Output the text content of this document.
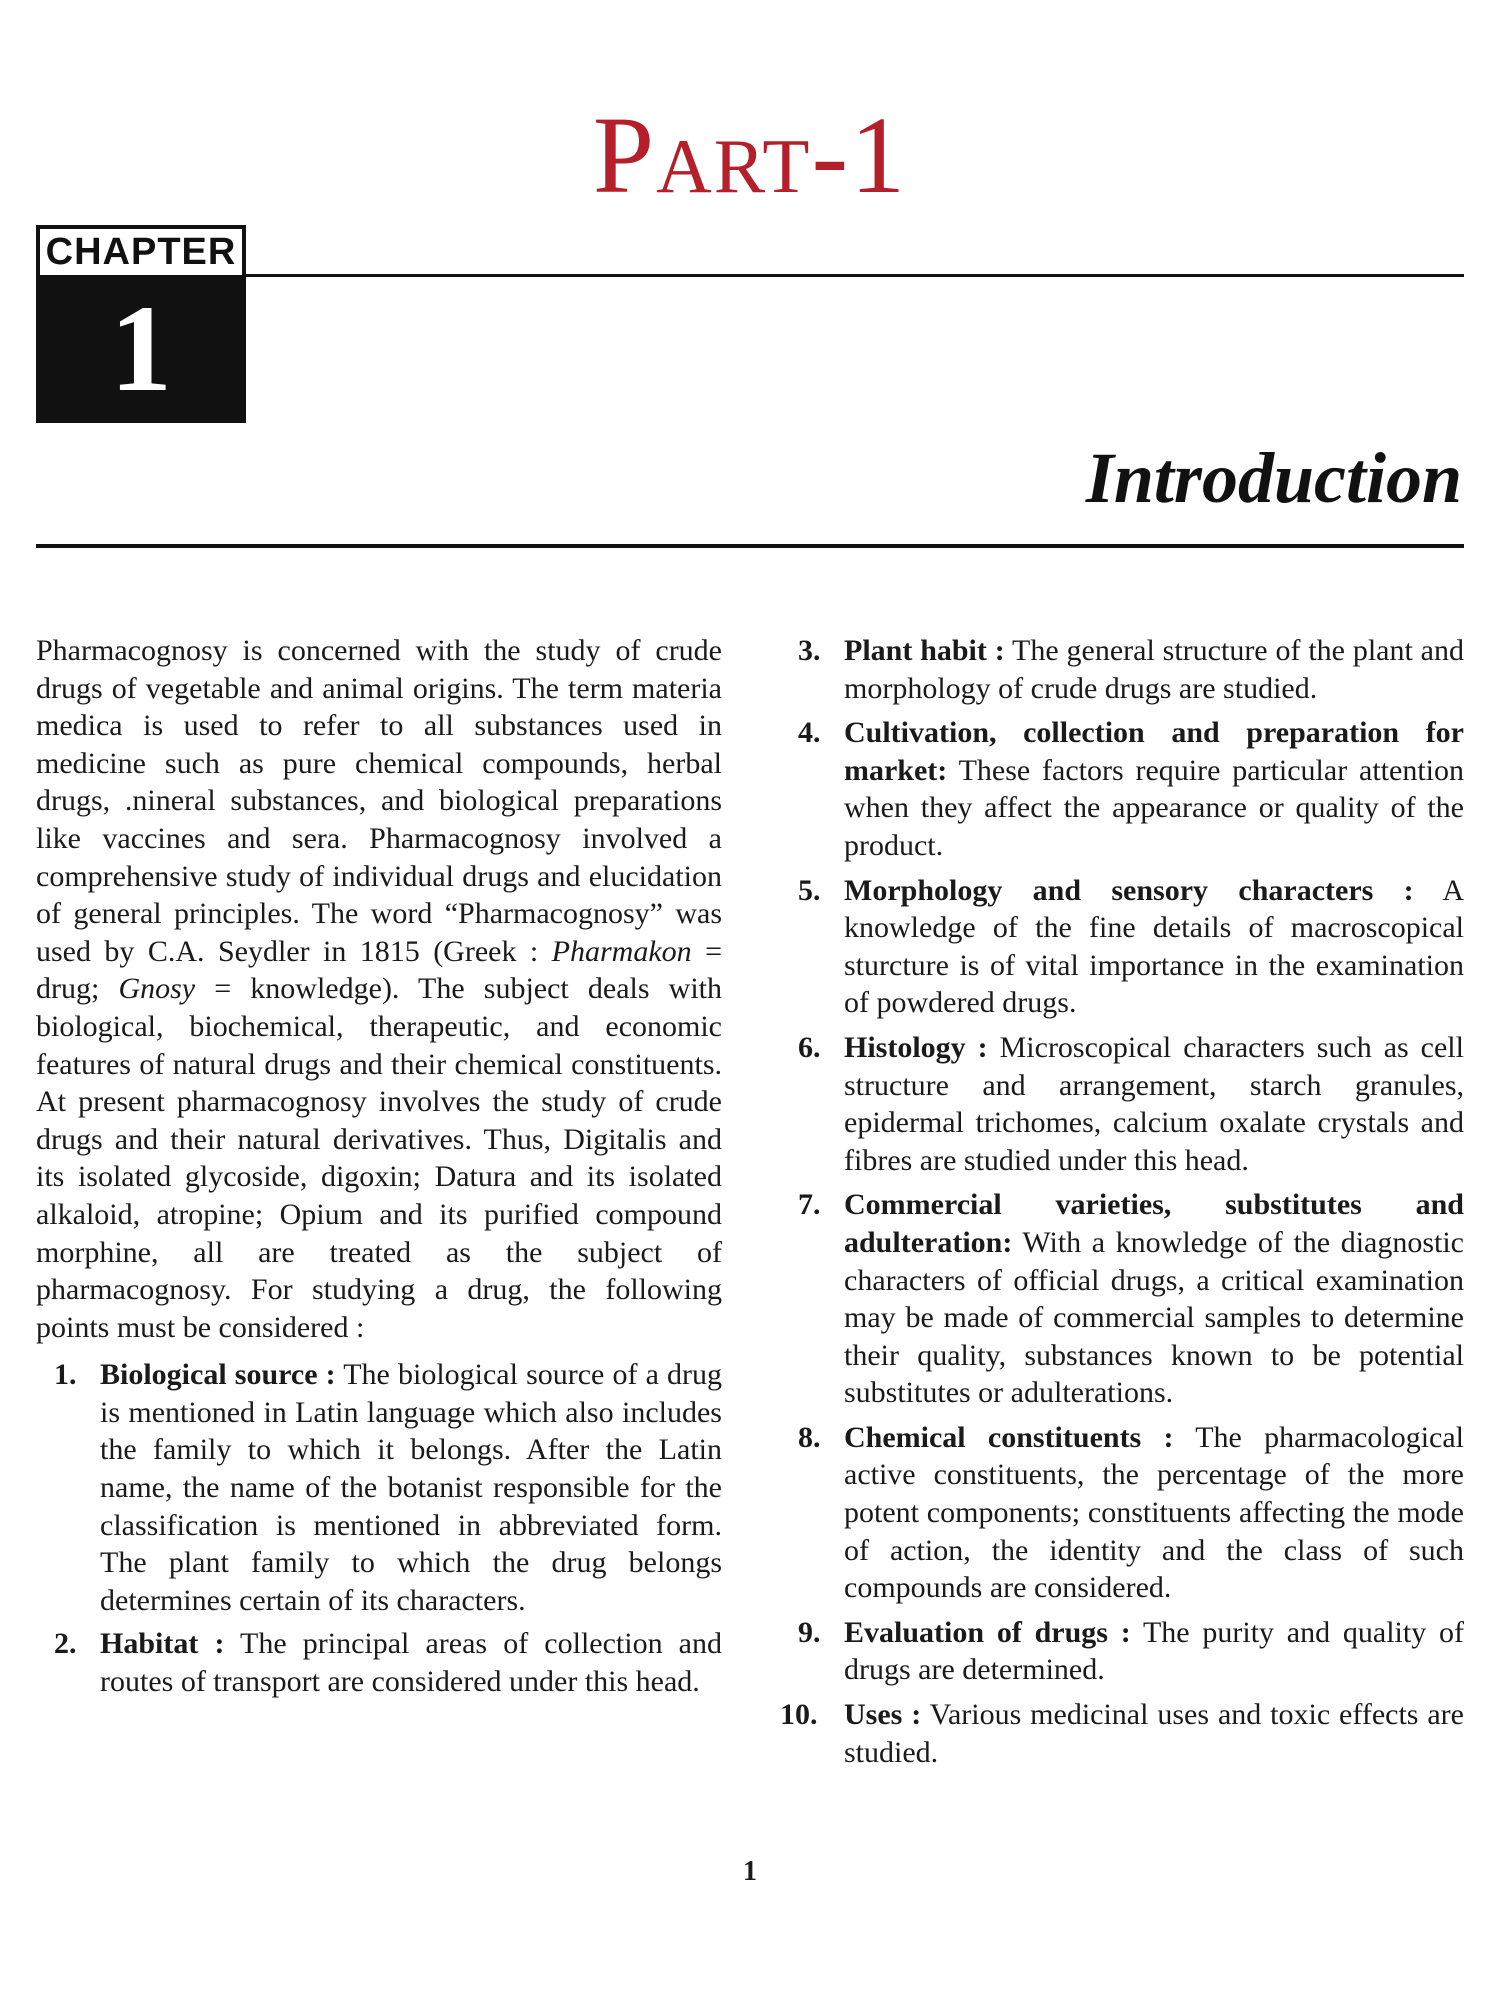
Part-1
CHAPTER
1
Introduction

Pharmacognosy is concerned with the study of crude drugs of vegetable and animal origins. The term materia medica is used to refer to all substances used in medicine such as pure chemical compounds, herbal drugs, .nineral substances, and biological preparations like vaccines and sera. Pharmacognosy involved a comprehensive study of individual drugs and elucidation of general principles. The word “Pharmacognosy” was used by C.A. Seydler in 1815 (Greek : Pharmakon = drug; Gnosy = knowledge). The subject deals with biological, biochemical, therapeutic, and economic features of natural drugs and their chemical constituents. At present pharmacognosy involves the study of crude drugs and their natural derivatives. Thus, Digitalis and its isolated glycoside, digoxin; Datura and its isolated alkaloid, atropine; Opium and its purified compound morphine, all are treated as the subject of pharmacognosy. For studying a drug, the following points must be considered :

1. Biological source : The biological source of a drug is mentioned in Latin language which also includes the family to which it belongs. After the Latin name, the name of the botanist responsible for the classification is mentioned in abbreviated form. The plant family to which the drug belongs determines certain of its characters.
2. Habitat : The principal areas of collection and routes of transport are considered under this head.
3. Plant habit : The general structure of the plant and morphology of crude drugs are studied.
4. Cultivation, collection and preparation for market: These factors require particular attention when they affect the appearance or quality of the product.
5. Morphology and sensory characters : A knowledge of the fine details of macroscopical sturcture is of vital importance in the examination of powdered drugs.
6. Histology : Microscopical characters such as cell structure and arrangement, starch granules, epidermal trichomes, calcium oxalate crystals and fibres are studied under this head.
7. Commercial varieties, substitutes and adulteration: With a knowledge of the diagnostic characters of official drugs, a critical examination may be made of commercial samples to determine their quality, substances known to be potential substitutes or adulterations.
8. Chemical constituents : The pharmacological active constituents, the percentage of the more potent components; constituents affecting the mode of action, the identity and the class of such compounds are considered.
9. Evaluation of drugs : The purity and quality of drugs are determined.
10. Uses : Various medicinal uses and toxic effects are studied.
1
